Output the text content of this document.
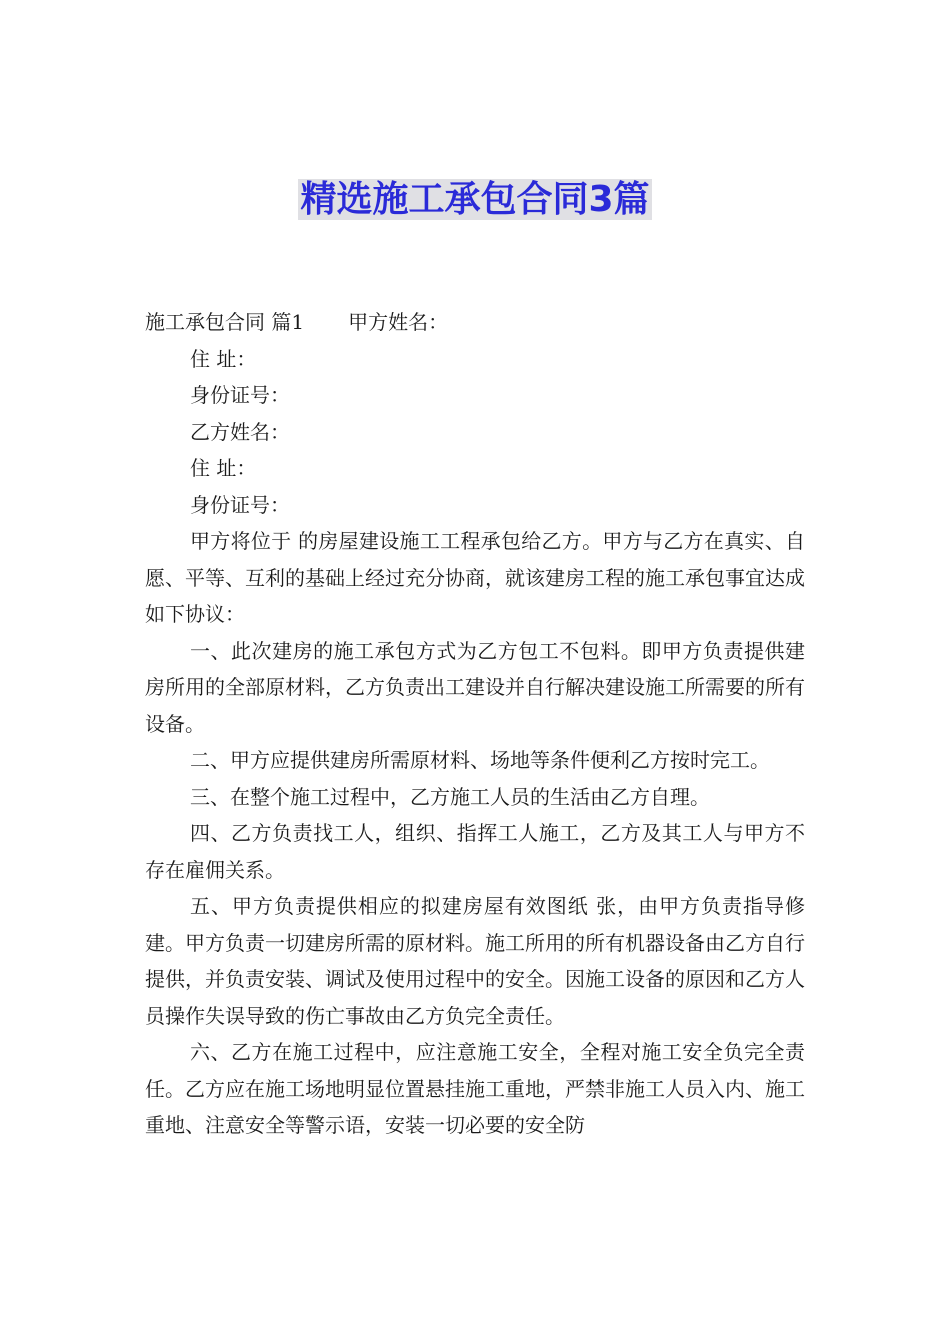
精选施工承包合同3篇

施工承包合同 篇1 甲方姓名：

住 址：

身份证号：

乙方姓名：

住 址：

身份证号：

甲方将位于 的房屋建设施工工程承包给乙方。甲方与乙方在真实、自愿、平等、互利的基础上经过充分协商，就该建房工程的施工承包事宜达成如下协议：

一、此次建房的施工承包方式为乙方包工不包料。即甲方负责提供建房所用的全部原材料，乙方负责出工建设并自行解决建设施工所需要的所有设备。

二、甲方应提供建房所需原材料、场地等条件便利乙方按时完工。

三、在整个施工过程中，乙方施工人员的生活由乙方自理。

四、乙方负责找工人，组织、指挥工人施工，乙方及其工人与甲方不存在雇佣关系。

五、甲方负责提供相应的拟建房屋有效图纸 张，由甲方负责指导修建。甲方负责一切建房所需的原材料。施工所用的所有机器设备由乙方自行提供，并负责安装、调试及使用过程中的安全。因施工设备的原因和乙方人员操作失误导致的伤亡事故由乙方负完全责任。

六、乙方在施工过程中，应注意施工安全，全程对施工安全负完全责任。乙方应在施工场地明显位置悬挂施工重地，严禁非施工人员入内、施工重地、注意安全等警示语，安装一切必要的安全防
